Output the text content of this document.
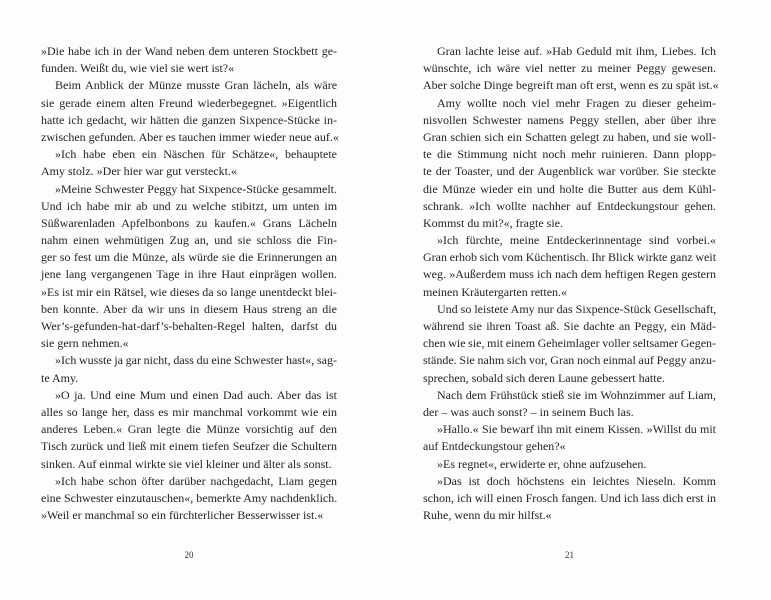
»Die habe ich in der Wand neben dem unteren Stockbett ge-
funden. Weißt du, wie viel sie wert ist?«
Beim Anblick der Münze musste Gran lächeln, als wäre
sie gerade einem alten Freund wiederbegegnet. »Eigentlich
hatte ich gedacht, wir hätten die ganzen Sixpence-Stücke in-
zwischen gefunden. Aber es tauchen immer wieder neue auf.«
»Ich habe eben ein Näschen für Schätze«, behauptete
Amy stolz. »Der hier war gut versteckt.«
»Meine Schwester Peggy hat Sixpence-Stücke gesammelt.
Und ich habe mir ab und zu welche stibitzt, um unten im
Süßwarenladen Apfelbonbons zu kaufen.« Grans Lächeln
nahm einen wehmütigen Zug an, und sie schloss die Fin-
ger so fest um die Münze, als würde sie die Erinnerungen an
jene lang vergangenen Tage in ihre Haut einprägen wollen.
»Es ist mir ein Rätsel, wie dieses da so lange unentdeckt blei-
ben konnte. Aber da wir uns in diesem Haus streng an die
Wer’s-gefunden-hat-darf’s-behalten-Regel halten, darfst du
sie gern nehmen.«
»Ich wusste ja gar nicht, dass du eine Schwester hast«, sag-
te Amy.
»O ja. Und eine Mum und einen Dad auch. Aber das ist
alles so lange her, dass es mir manchmal vorkommt wie ein
anderes Leben.« Gran legte die Münze vorsichtig auf den
Tisch zurück und ließ mit einem tiefen Seufzer die Schultern
sinken. Auf einmal wirkte sie viel kleiner und älter als sonst.
»Ich habe schon öfter darüber nachgedacht, Liam gegen
eine Schwester einzutauschen«, bemerkte Amy nachdenklich.
»Weil er manchmal so ein fürchterlicher Besserwisser ist.«
20
Gran lachte leise auf. »Hab Geduld mit ihm, Liebes. Ich
wünschte, ich wäre viel netter zu meiner Peggy gewesen.
Aber solche Dinge begreift man oft erst, wenn es zu spät ist.«
Amy wollte noch viel mehr Fragen zu dieser geheim-
nisvollen Schwester namens Peggy stellen, aber über ihre
Gran schien sich ein Schatten gelegt zu haben, und sie woll-
te die Stimmung nicht noch mehr ruinieren. Dann plopp-
te der Toaster, und der Augenblick war vorüber. Sie steckte
die Münze wieder ein und holte die Butter aus dem Kühl-
schrank. »Ich wollte nachher auf Entdeckungstour gehen.
Kommst du mit?«, fragte sie.
»Ich fürchte, meine Entdeckerinnentage sind vorbei.«
Gran erhob sich vom Küchentisch. Ihr Blick wirkte ganz weit
weg. »Außerdem muss ich nach dem heftigen Regen gestern
meinen Kräutergarten retten.«
Und so leistete Amy nur das Sixpence-Stück Gesellschaft,
während sie ihren Toast aß. Sie dachte an Peggy, ein Mäd-
chen wie sie, mit einem Geheimlager voller seltsamer Gegen-
stände. Sie nahm sich vor, Gran noch einmal auf Peggy anzu-
sprechen, sobald sich deren Laune gebessert hatte.
Nach dem Frühstück stieß sie im Wohnzimmer auf Liam,
der – was auch sonst? – in seinem Buch las.
»Hallo.« Sie bewarf ihn mit einem Kissen. »Willst du mit
auf Entdeckungstour gehen?«
»Es regnet«, erwiderte er, ohne aufzusehen.
»Das ist doch höchstens ein leichtes Nieseln. Komm
schon, ich will einen Frosch fangen. Und ich lass dich erst in
Ruhe, wenn du mir hilfst.«
21
